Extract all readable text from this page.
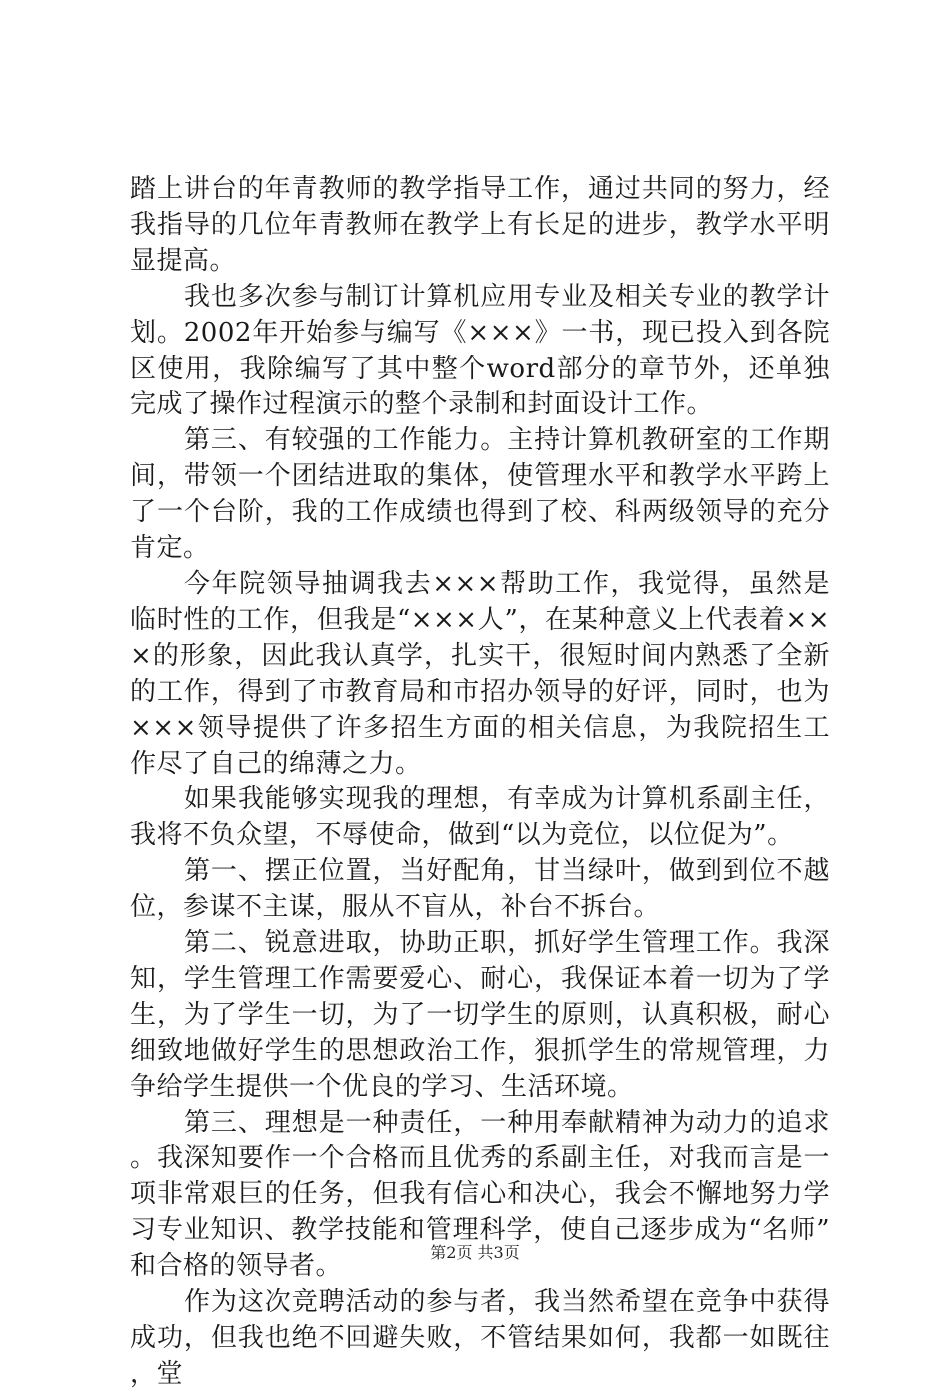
踏上讲台的年青教师的教学指导工作，通过共同的努力，经我指导的几位年青教师在教学上有长足的进步，教学水平明显提高。

我也多次参与制订计算机应用专业及相关专业的教学计划。2002年开始参与编写《×××》一书，现已投入到各院区使用，我除编写了其中整个word部分的章节外，还单独完成了操作过程演示的整个录制和封面设计工作。

第三、有较强的工作能力。主持计算机教研室的工作期间，带领一个团结进取的集体，使管理水平和教学水平跨上了一个台阶，我的工作成绩也得到了校、科两级领导的充分肯定。

今年院领导抽调我去×××帮助工作，我觉得，虽然是临时性的工作，但我是“×××人”，在某种意义上代表着×××的形象，因此我认真学，扎实干，很短时间内熟悉了全新的工作，得到了市教育局和市招办领导的好评，同时，也为×××领导提供了许多招生方面的相关信息，为我院招生工作尽了自己的绵薄之力。

如果我能够实现我的理想，有幸成为计算机系副主任，我将不负众望，不辱使命，做到“以为竞位，以位促为”。

第一、摆正位置，当好配角，甘当绿叶，做到到位不越位，参谋不主谋，服从不盲从，补台不拆台。

第二、锐意进取，协助正职，抓好学生管理工作。我深知，学生管理工作需要爱心、耐心，我保证本着一切为了学生，为了学生一切，为了一切学生的原则，认真积极，耐心细致地做好学生的思想政治工作，狠抓学生的常规管理，力争给学生提供一个优良的学习、生活环境。

第三、理想是一种责任，一种用奉献精神为动力的追求。我深知要作一个合格而且优秀的系副主任，对我而言是一项非常艰巨的任务，但我有信心和决心，我会不懈地努力学习专业知识、教学技能和管理科学，使自己逐步成为“名师”和合格的领导者。

作为这次竞聘活动的参与者，我当然希望在竞争中获得成功，但我也绝不回避失败，不管结果如何，我都一如既往，堂

第2页 共3页
